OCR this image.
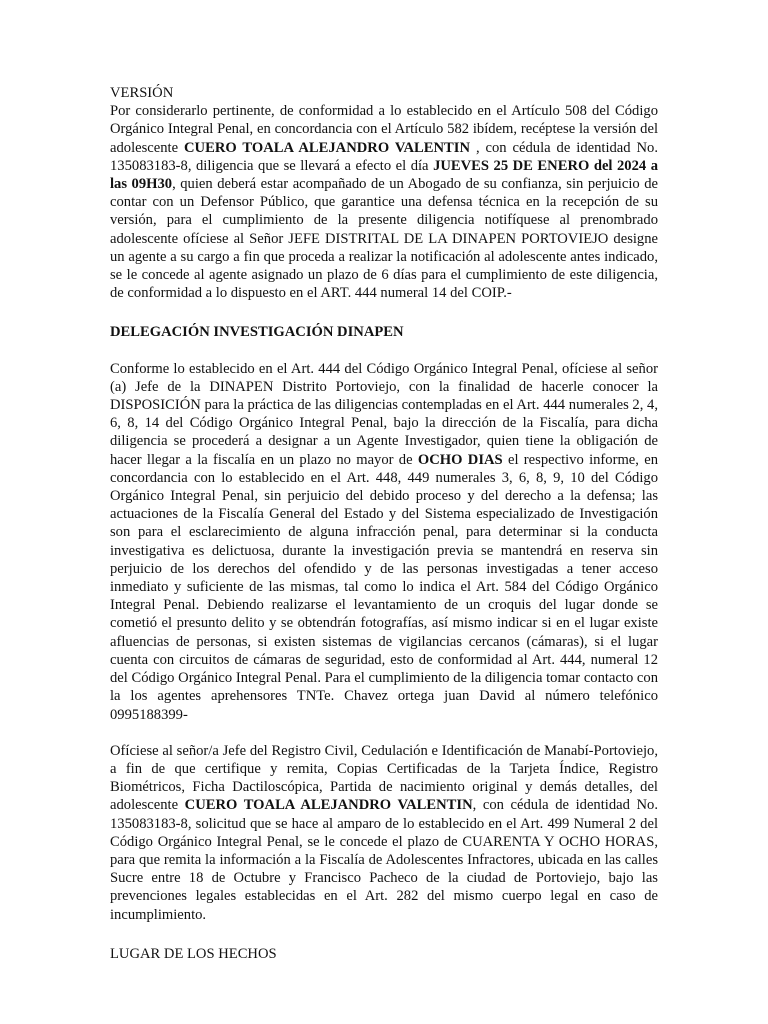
VERSIÓN

Por considerarlo pertinente, de conformidad a lo establecido en el Artículo 508 del Código Orgánico Integral Penal, en concordancia con el Artículo 582 ibídem, recéptese la versión del adolescente CUERO TOALA ALEJANDRO VALENTIN , con cédula de identidad No. 135083183-8, diligencia que se llevará a efecto el día JUEVES 25 DE ENERO del 2024 a las 09H30, quien deberá estar acompañado de un Abogado de su confianza, sin perjuicio de contar con un Defensor Público, que garantice una defensa técnica en la recepción de su versión, para el cumplimiento de la presente diligencia notifíquese al prenombrado adolescente ofíciese al Señor JEFE DISTRITAL DE LA DINAPEN PORTOVIEJO designe un agente a su cargo a fin que proceda a realizar la notificación al adolescente antes indicado, se le concede al agente asignado un plazo de 6 días para el cumplimiento de este diligencia, de conformidad a lo dispuesto en el ART. 444 numeral 14 del COIP.-

DELEGACIÓN INVESTIGACIÓN DINAPEN

Conforme lo establecido en el Art. 444 del Código Orgánico Integral Penal, ofíciese al señor (a) Jefe de la DINAPEN Distrito Portoviejo, con la finalidad de hacerle conocer la DISPOSICIÓN para la práctica de las diligencias contempladas en el Art. 444 numerales 2, 4, 6, 8, 14 del Código Orgánico Integral Penal, bajo la dirección de la Fiscalía, para dicha diligencia se procederá a designar a un Agente Investigador, quien tiene la obligación de hacer llegar a la fiscalía en un plazo no mayor de OCHO DIAS el respectivo informe, en concordancia con lo establecido en el Art. 448, 449 numerales 3, 6, 8, 9, 10 del Código Orgánico Integral Penal, sin perjuicio del debido proceso y del derecho a la defensa; las actuaciones de la Fiscalía General del Estado y del Sistema especializado de Investigación son para el esclarecimiento de alguna infracción penal, para determinar si la conducta investigativa es delictuosa, durante la investigación previa se mantendrá en reserva sin perjuicio de los derechos del ofendido y de las personas investigadas a tener acceso inmediato y suficiente de las mismas, tal como lo indica el Art. 584 del Código Orgánico Integral Penal. Debiendo realizarse el levantamiento de un croquis del lugar donde se cometió el presunto delito y se obtendrán fotografías, así mismo indicar si en el lugar existe afluencias de personas, si existen sistemas de vigilancias cercanos (cámaras), si el lugar cuenta con circuitos de cámaras de seguridad, esto de conformidad al Art. 444, numeral 12 del Código Orgánico Integral Penal. Para el cumplimiento de la diligencia tomar contacto con la los agentes aprehensores TNTe. Chavez ortega juan David al número telefónico 0995188399-

Ofíciese al señor/a Jefe del Registro Civil, Cedulación e Identificación de Manabí-Portoviejo, a fin de que certifique y remita, Copias Certificadas de la Tarjeta Índice, Registro Biométricos, Ficha Dactiloscópica, Partida de nacimiento original y demás detalles, del adolescente CUERO TOALA ALEJANDRO VALENTIN, con cédula de identidad No. 135083183-8, solicitud que se hace al amparo de lo establecido en el Art. 499 Numeral 2 del Código Orgánico Integral Penal, se le concede el plazo de CUARENTA Y OCHO HORAS, para que remita la información a la Fiscalía de Adolescentes Infractores, ubicada en las calles Sucre entre 18 de Octubre y Francisco Pacheco de la ciudad de Portoviejo, bajo las prevenciones legales establecidas en el Art. 282 del mismo cuerpo legal en caso de incumplimiento.

LUGAR DE LOS HECHOS
